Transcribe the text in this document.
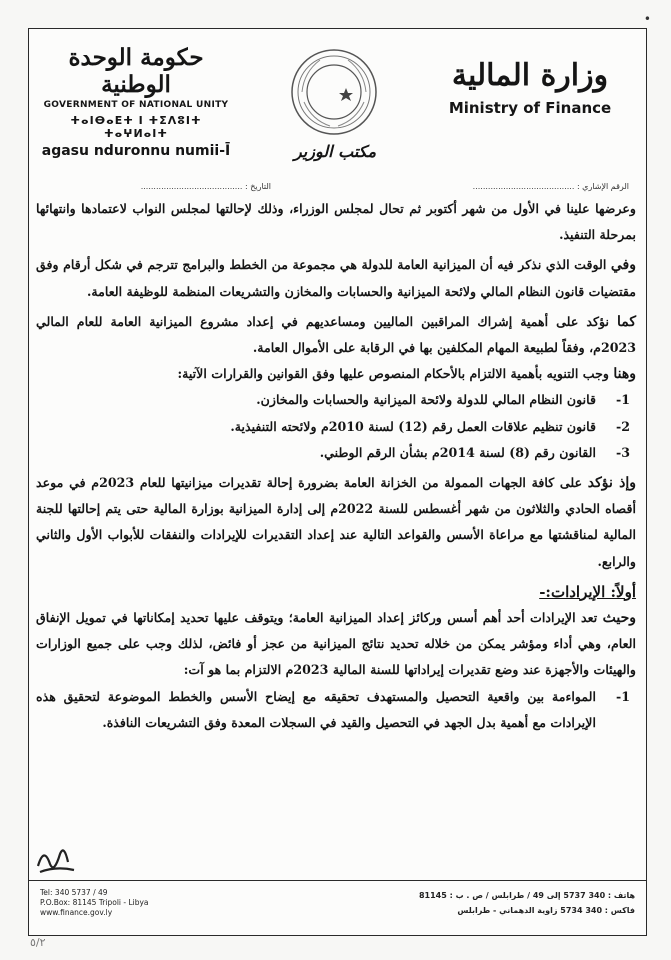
•
حكومة الوحدة الوطنية
GOVERNMENT OF NATIONAL UNITY
ⵜⴰⵏⴱⴰⴹⵜ ⵏ ⵜⵉⴷⵓⵏⵜ ⵜⴰⵖⵍⴰⵏⵜ
agasu nduronnu numii-Ī	مكتب الوزير
وزارة المالية
Ministry of Finance
الرقم الإشاري : ........................................
التاريخ : ........................................

وعرضها علينا في الأول من شهر أكتوبر ثم تحال لمجلس الوزراء، وذلك لإحالتها لمجلس النواب لاعتمادها وانتهائها بمرحلة التنفيذ.

وفي الوقت الذي نذكر فيه أن الميزانية العامة للدولة هي مجموعة من الخطط والبرامج تترجم في شكل أرقام وفق مقتضيات قانون النظام المالي ولائحة الميزانية والحسابات والمخازن والتشريعات المنظمة للوظيفة العامة.

كما نؤكد على أهمية إشراك المراقبين الماليين ومساعديهم في إعداد مشروع الميزانية العامة للعام المالي 2023م، وفقاً لطبيعة المهام المكلفين بها في الرقابة على الأموال العامة.

وهنا وجب التنويه بأهمية الالتزام بالأحكام المنصوص عليها وفق القوانين والقرارات الآتية:

1-
قانون النظام المالي للدولة ولائحة الميزانية والحسابات والمخازن.

2-
قانون تنظيم علاقات العمل رقم (12) لسنة 2010م ولائحته التنفيذية.

3-
القانون رقم (8) لسنة 2014م بشأن الرقم الوطني.

وإذ نؤكد على كافة الجهات الممولة من الخزانة العامة بضرورة إحالة تقديرات ميزانيتها للعام 2023م في موعد أقصاه الحادي والثلاثون من شهر أغسطس للسنة 2022م إلى إدارة الميزانية بوزارة المالية حتى يتم إحالتها للجنة المالية لمناقشتها مع مراعاة الأسس والقواعد التالية عند إعداد التقديرات للإيرادات والنفقات للأبواب الأول والثاني والرابع.

أولاً: الإيرادات:-

وحيث تعد الإيرادات أحد أهم أسس وركائز إعداد الميزانية العامة؛ ويتوقف عليها تحديد إمكاناتها في تمويل الإنفاق العام، وهي أداء ومؤشر يمكن من خلاله تحديد نتائج الميزانية من عجز أو فائض، لذلك وجب على جميع الوزارات والهيئات والأجهزة عند وضع تقديرات إيراداتها للسنة المالية 2023م الالتزام بما هو آت:

1-
المواءمة بين واقعية التحصيل والمستهدف تحقيقه مع إيضاح الأسس والخطط الموضوعة لتحقيق هذه الإيرادات مع أهمية بدل الجهد في التحصيل والقيد في السجلات المعدة وفق التشريعات النافذة.

Tel: 340 5737 / 49
P.O.Box: 81145 Tripoli - Libya
www.finance.gov.ly
هاتف : 340 5737 إلى 49 / طرابلس / ص . ب : 81145
فاكس : 340 5734 زاوية الدهماني - طرابلس
٥/٢
